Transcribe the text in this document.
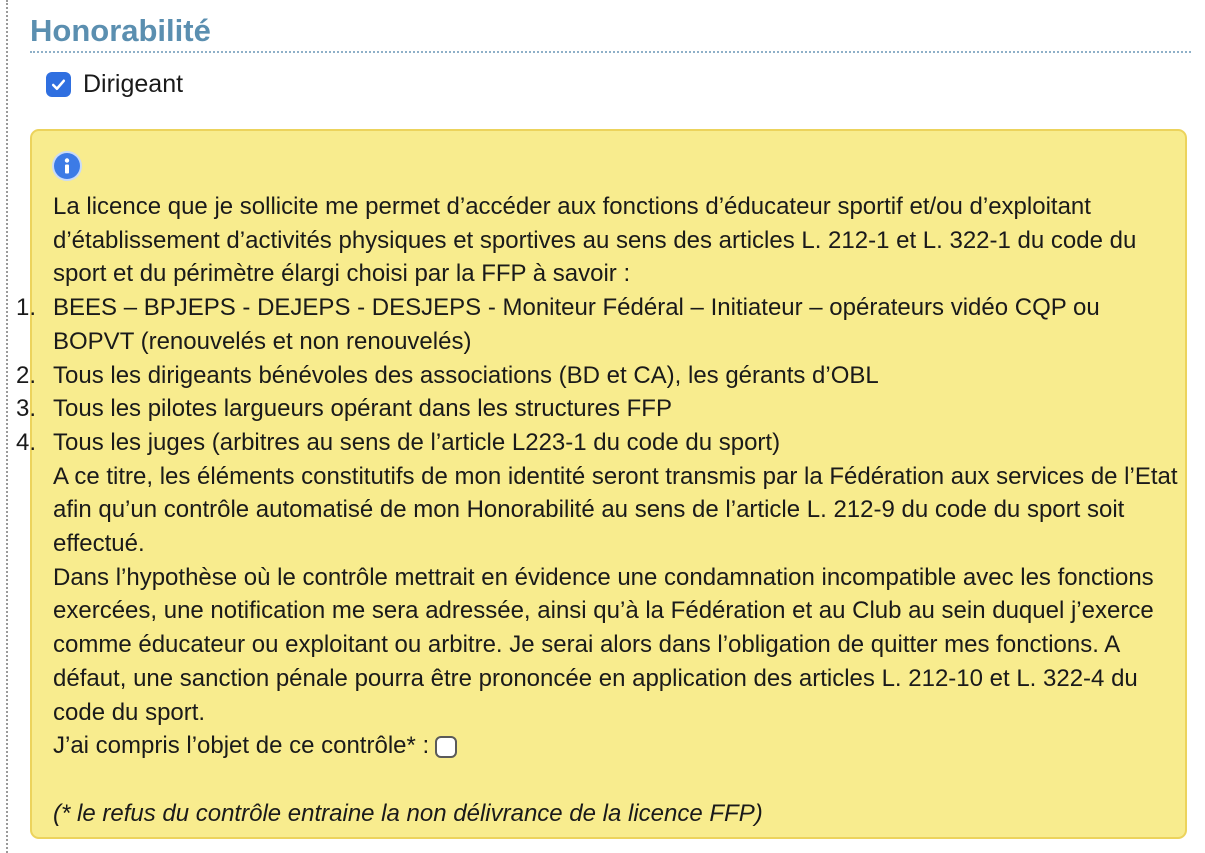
Honorabilité
Dirigeant

La licence que je sollicite me permet d’accéder aux fonctions d’éducateur sportif et/ou d’exploitant d’établissement d’activités physiques et sportives au sens des articles L. 212-1 et L. 322-1 du code du sport et du périmètre élargi choisi par la FFP à savoir :

1. BEES – BPJEPS - DEJEPS - DESJEPS - Moniteur Fédéral – Initiateur – opérateurs vidéo CQP ou BOPVT (renouvelés et non renouvelés)
2. Tous les dirigeants bénévoles des associations (BD et CA), les gérants d’OBL
3. Tous les pilotes largueurs opérant dans les structures FFP
4. Tous les juges (arbitres au sens de l’article L223-1 du code du sport)

A ce titre, les éléments constitutifs de mon identité seront transmis par la Fédération aux services de l’Etat afin qu’un contrôle automatisé de mon Honorabilité au sens de l’article L. 212-9 du code du sport soit effectué.

Dans l’hypothèse où le contrôle mettrait en évidence une condamnation incompatible avec les fonctions exercées, une notification me sera adressée, ainsi qu’à la Fédération et au Club au sein duquel j’exerce comme éducateur ou exploitant ou arbitre. Je serai alors dans l’obligation de quitter mes fonctions. A défaut, une sanction pénale pourra être prononcée en application des articles L. 212-10 et L. 322-4 du code du sport.

J’ai compris l’objet de ce contrôle* :

(* le refus du contrôle entraine la non délivrance de la licence FFP)
